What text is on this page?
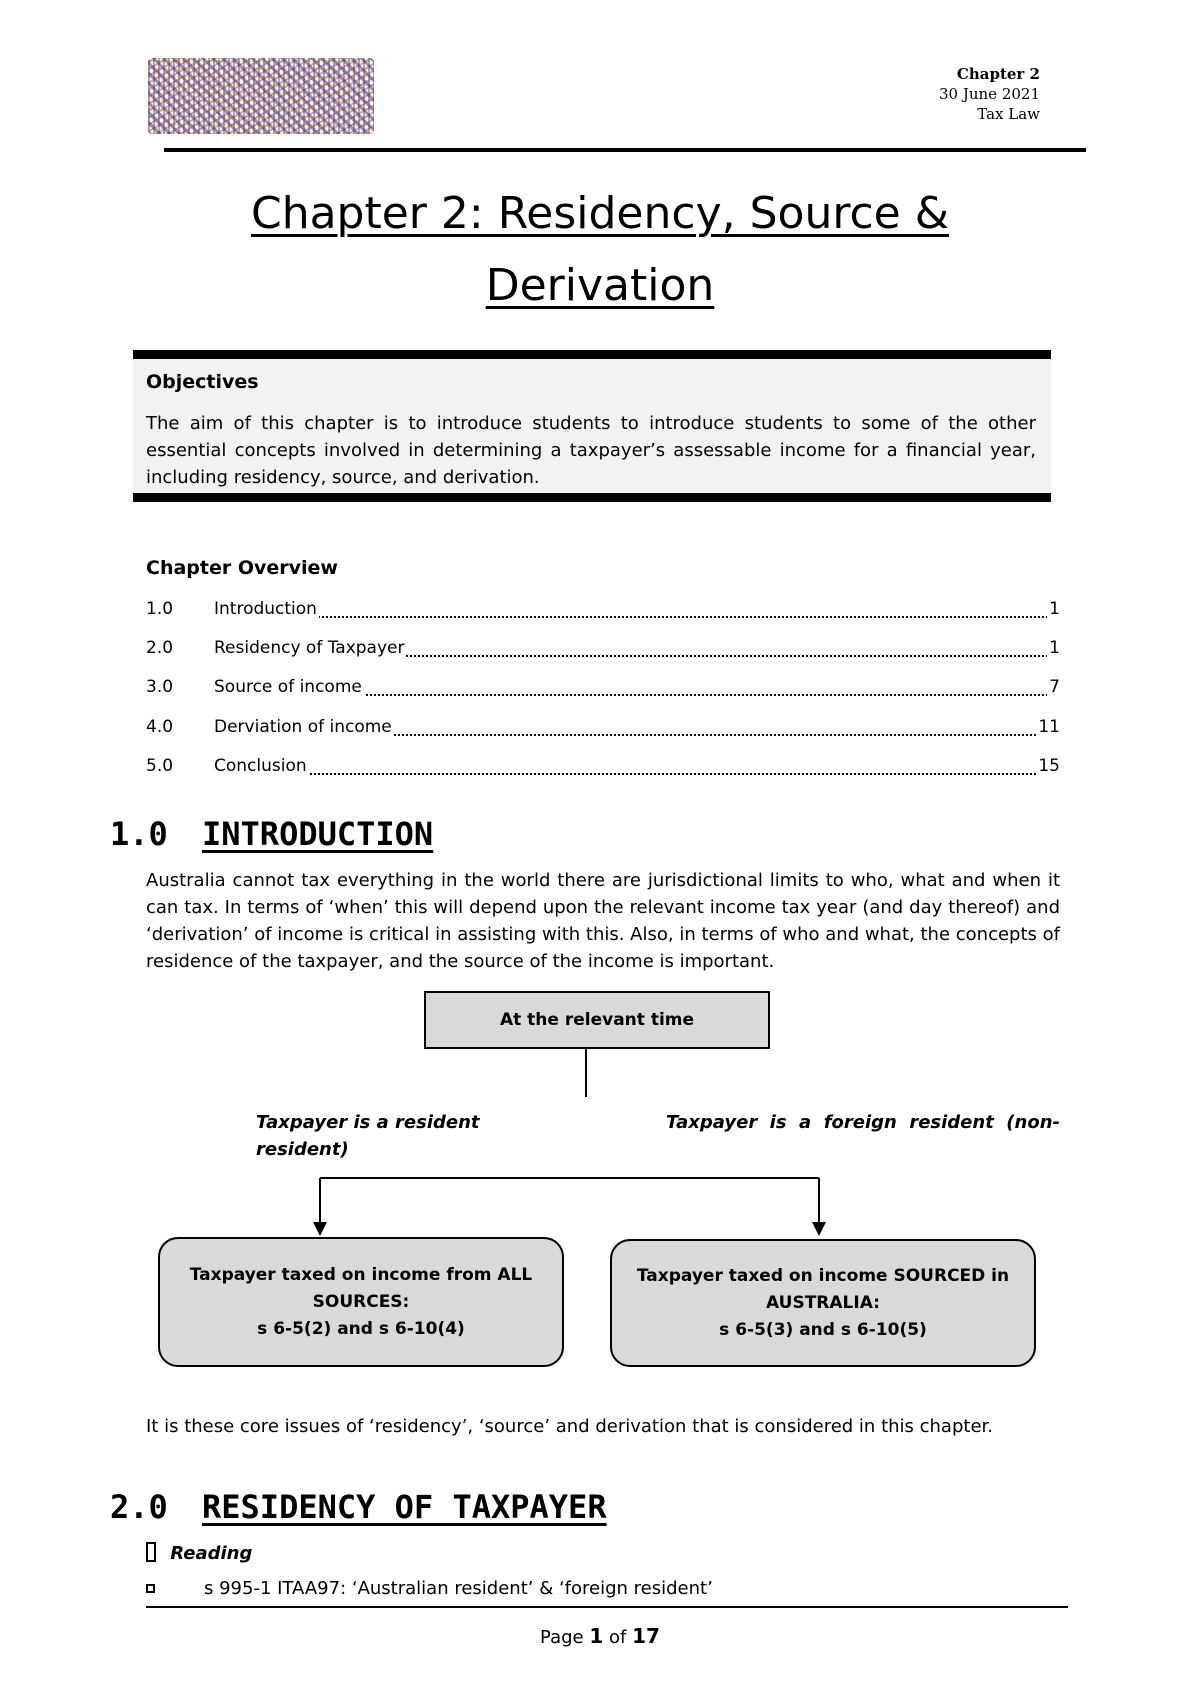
Chapter 2
30 June 2021
Tax Law
Chapter 2: Residency, Source &
Derivation
Objectives
The aim of this chapter is to introduce students to introduce students to some of the other essential concepts involved in determining a taxpayer’s assessable income for a financial year, including residency, source, and derivation.
Chapter Overview
1.0 Introduction	1
2.0 Residency of Taxpayer	1
3.0 Source of income	7
4.0 Derviation of income	11
5.0 Conclusion	15
1.0 INTRODUCTION
Australia cannot tax everything in the world there are jurisdictional limits to who, what and when it can tax. In terms of ‘when’ this will depend upon the relevant income tax year (and day thereof) and ‘derivation’ of income is critical in assisting with this. Also, in terms of who and what, the concepts of residence of the taxpayer, and the source of the income is important.
At the relevant time
Taxpayer is a resident
resident)
Taxpayer is a foreign resident (non-
Taxpayer taxed on income from ALL
SOURCES:
s 6-5(2) and s 6-10(4)
Taxpayer taxed on income SOURCED in
AUSTRALIA:
s 6-5(3) and s 6-10(5)
It is these core issues of ‘residency’, ‘source’ and derivation that is considered in this chapter.
2.0 RESIDENCY OF TAXPAYER
Reading
s 995-1 ITAA97: ‘Australian resident’ & ‘foreign resident’
Page 1 of 17
